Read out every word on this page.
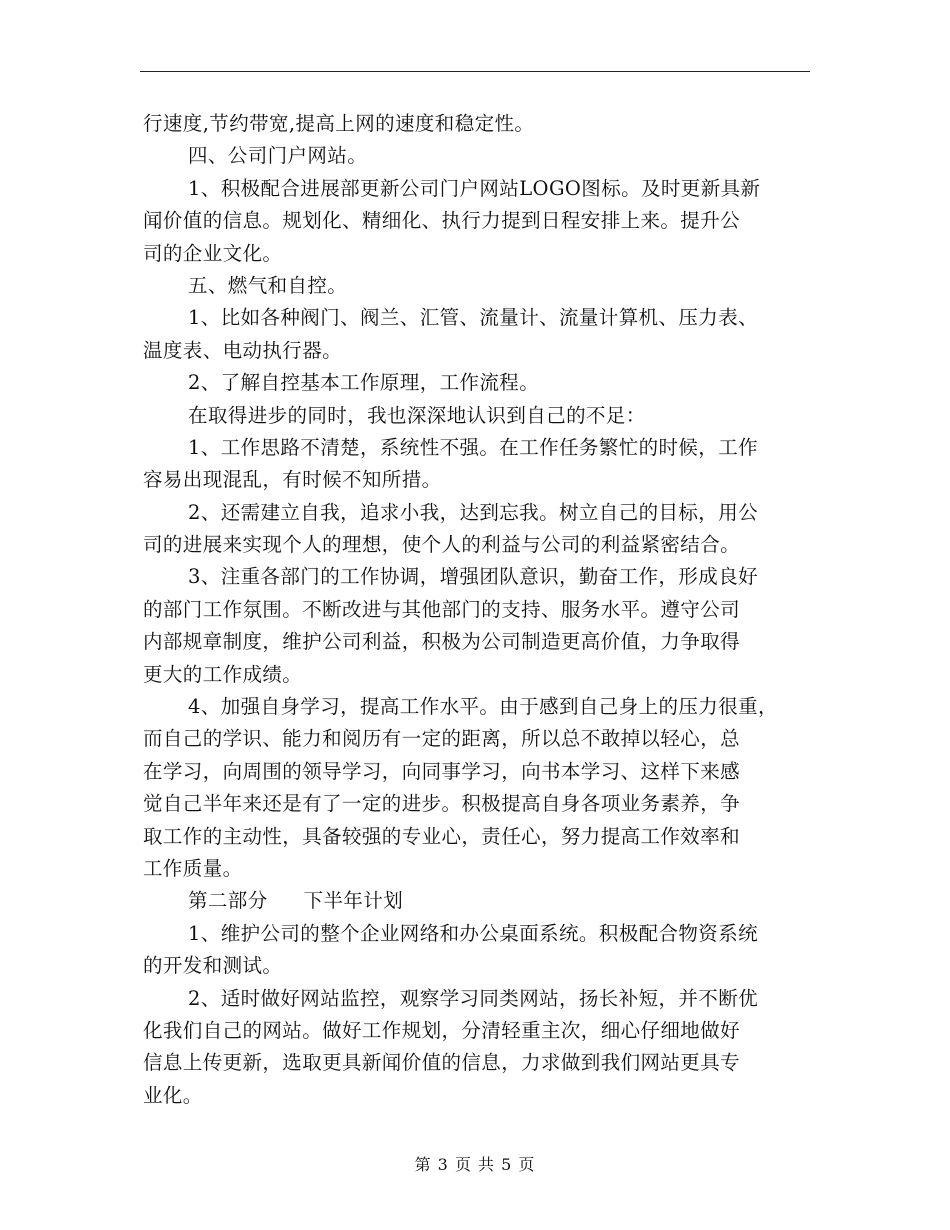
行速度,节约带宽,提高上网的速度和稳定性。
四、公司门户网站。
1、积极配合进展部更新公司门户网站LOGO图标。及时更新具新
闻价值的信息。规划化、精细化、执行力提到日程安排上来。提升公
司的企业文化。
五、燃气和自控。
1、比如各种阀门、阀兰、汇管、流量计、流量计算机、压力表、
温度表、电动执行器。
2、了解自控基本工作原理，工作流程。
在取得进步的同时，我也深深地认识到自己的不足：
1、工作思路不清楚，系统性不强。在工作任务繁忙的时候，工作
容易出现混乱，有时候不知所措。
2、还需建立自我，追求小我，达到忘我。树立自己的目标，用公
司的进展来实现个人的理想，使个人的利益与公司的利益紧密结合。
3、注重各部门的工作协调，增强团队意识，勤奋工作，形成良好
的部门工作氛围。不断改进与其他部门的支持、服务水平。遵守公司
内部规章制度，维护公司利益，积极为公司制造更高价值，力争取得
更大的工作成绩。
4、加强自身学习，提高工作水平。由于感到自己身上的压力很重，
而自己的学识、能力和阅历有一定的距离，所以总不敢掉以轻心，总
在学习，向周围的领导学习，向同事学习，向书本学习、这样下来感
觉自己半年来还是有了一定的进步。积极提高自身各项业务素养，争
取工作的主动性，具备较强的专业心，责任心，努力提高工作效率和
工作质量。
第二部分 下半年计划
1、维护公司的整个企业网络和办公桌面系统。积极配合物资系统
的开发和测试。
2、适时做好网站监控，观察学习同类网站，扬长补短，并不断优
化我们自己的网站。做好工作规划，分清轻重主次，细心仔细地做好
信息上传更新，选取更具新闻价值的信息，力求做到我们网站更具专
业化。
第 3 页 共 5 页
